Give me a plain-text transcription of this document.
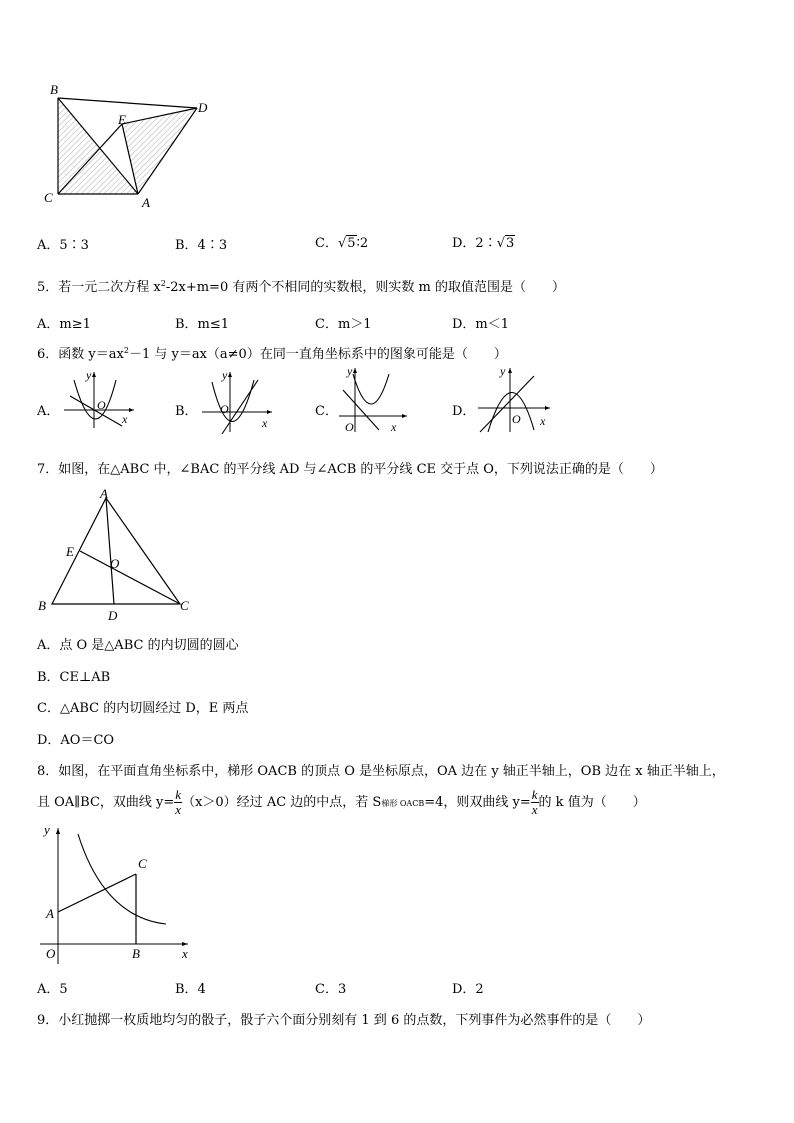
B
D
E
C	A
A．5∶3	B．4∶3	C．√5∶2	D．2∶√3
5．若一元二次方程 $x^2-2x+m=0$ 有两个不相同的实数根，则实数 m 的取值范围是（　　）
A．m≥1	B．m≤1	C．m＞1	D．m＜1
6．函数 $y=ax^2-1$ 与 y＝ax（a≠0）在同一直角坐标系中的图象可能是（　　）
A．
y
O
x	B．
y
O
x
C．
y
O	x
D．
y
O x
7．如图，在△ABC 中，∠BAC 的平分线 AD 与∠ACB 的平分线 CE 交于点 O，下列说法正确的是（　　）
A
E
O
B
D
C
A．点 O 是△ABC 的内切圆的圆心
B．CE⊥AB
C．△ABC 的内切圆经过 D，E 两点
D．AO＝CO
8．如图，在平面直角坐标系中，梯形 OACB 的顶点 O 是坐标原点，OA 边在 y 轴正半轴上，OB 边在 x 轴正半轴上，
且 OA∥BC，双曲线 $y= \frac{k}{x} (x>0)$经过 AC 边的中点，若 S梯形 OACB=4，则双曲线 $y= \frac{k}{x}$ 的 k 值为（　　）
y
C
A
O	B	x
A．5	B．4	C．3	D．2
9．小红抛掷一枚质地均匀的骰子，骰子六个面分别刻有 1 到 6 的点数，下列事件为必然事件的是（　　）
